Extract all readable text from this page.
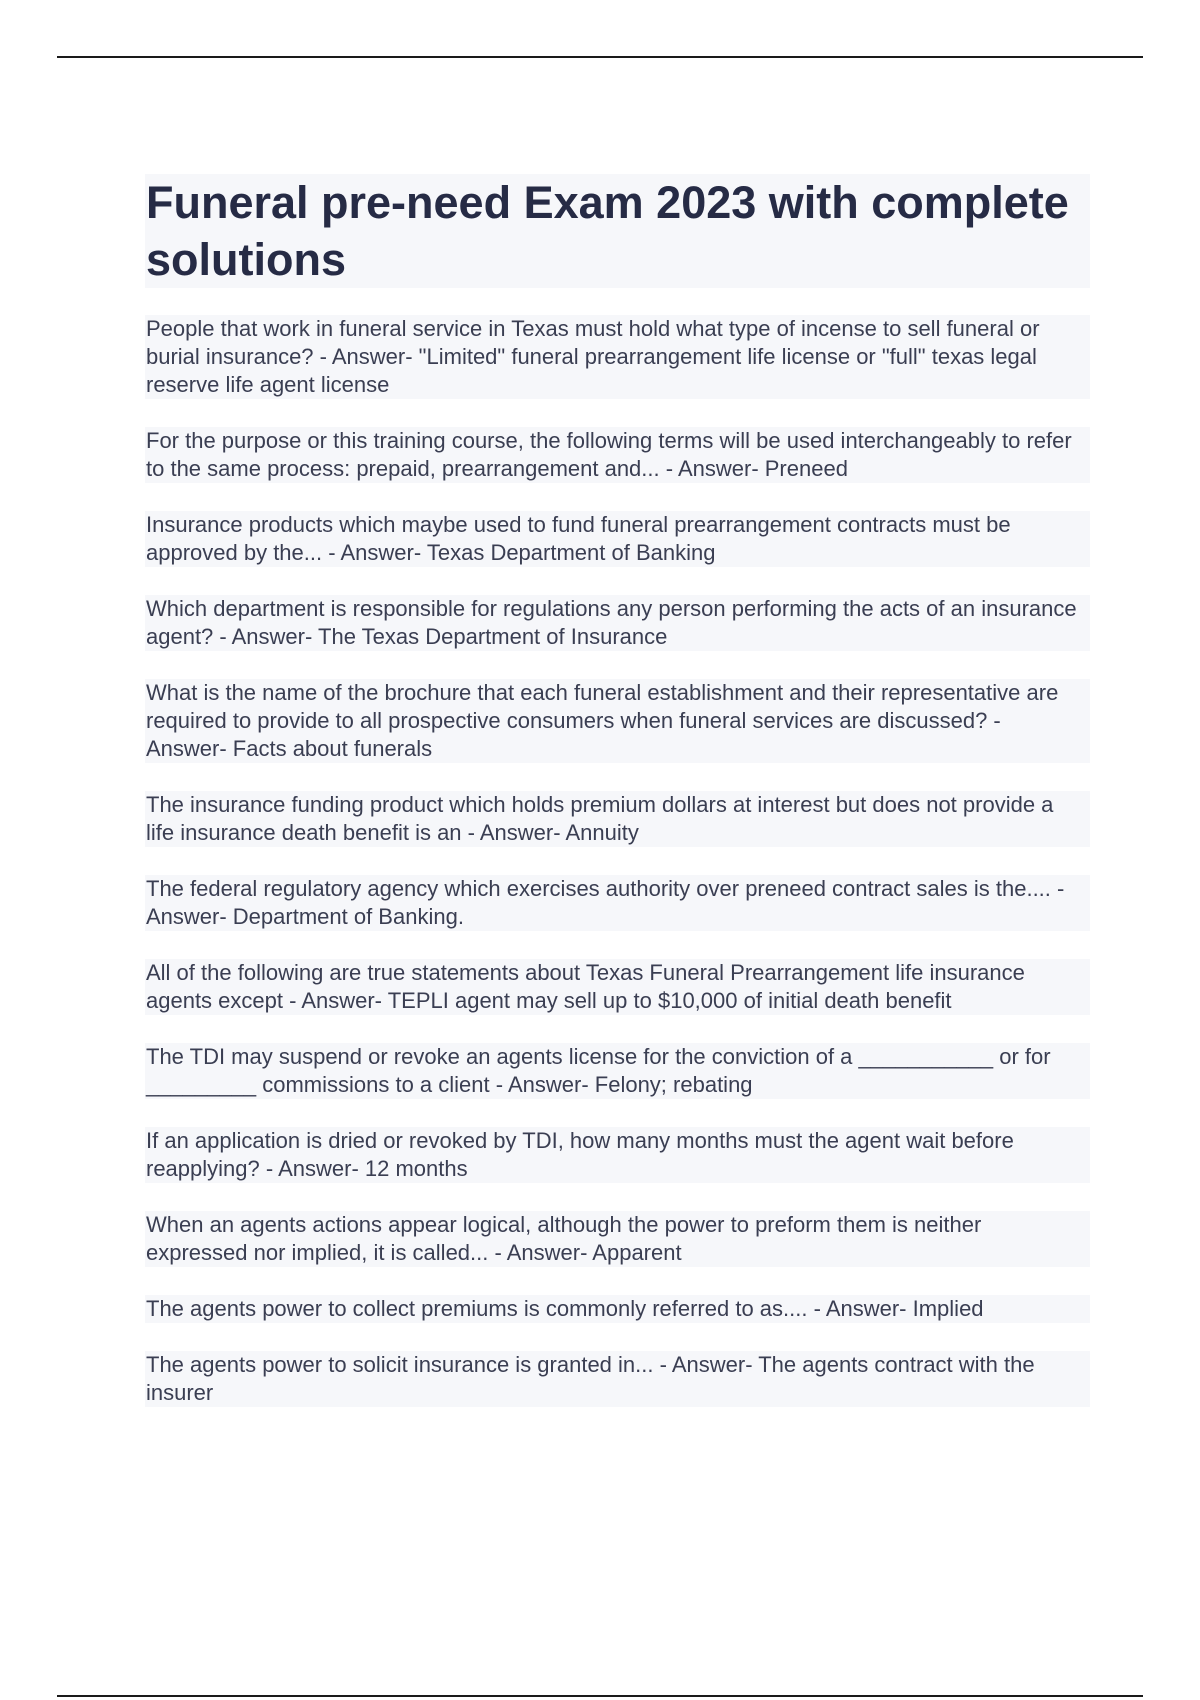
Funeral pre-need Exam 2023 with complete solutions

People that work in funeral service in Texas must hold what type of incense to sell funeral or burial insurance? - Answer- "Limited" funeral prearrangement life license or "full" texas legal reserve life agent license

For the purpose or this training course, the following terms will be used interchangeably to refer to the same process: prepaid, prearrangement and... - Answer- Preneed

Insurance products which maybe used to fund funeral prearrangement contracts must be approved by the... - Answer- Texas Department of Banking

Which department is responsible for regulations any person performing the acts of an insurance agent? - Answer- The Texas Department of Insurance

What is the name of the brochure that each funeral establishment and their representative are required to provide to all prospective consumers when funeral services are discussed? - Answer- Facts about funerals

The insurance funding product which holds premium dollars at interest but does not provide a life insurance death benefit is an - Answer- Annuity

The federal regulatory agency which exercises authority over preneed contract sales is the.... - Answer- Department of Banking.

All of the following are true statements about Texas Funeral Prearrangement life insurance agents except - Answer- TEPLI agent may sell up to $10,000 of initial death benefit

The TDI may suspend or revoke an agents license for the conviction of a ___________ or for _________ commissions to a client - Answer- Felony; rebating

If an application is dried or revoked by TDI, how many months must the agent wait before reapplying? - Answer- 12 months

When an agents actions appear logical, although the power to preform them is neither expressed nor implied, it is called... - Answer- Apparent

The agents power to collect premiums is commonly referred to as.... - Answer- Implied

The agents power to solicit insurance is granted in... - Answer- The agents contract with the insurer
